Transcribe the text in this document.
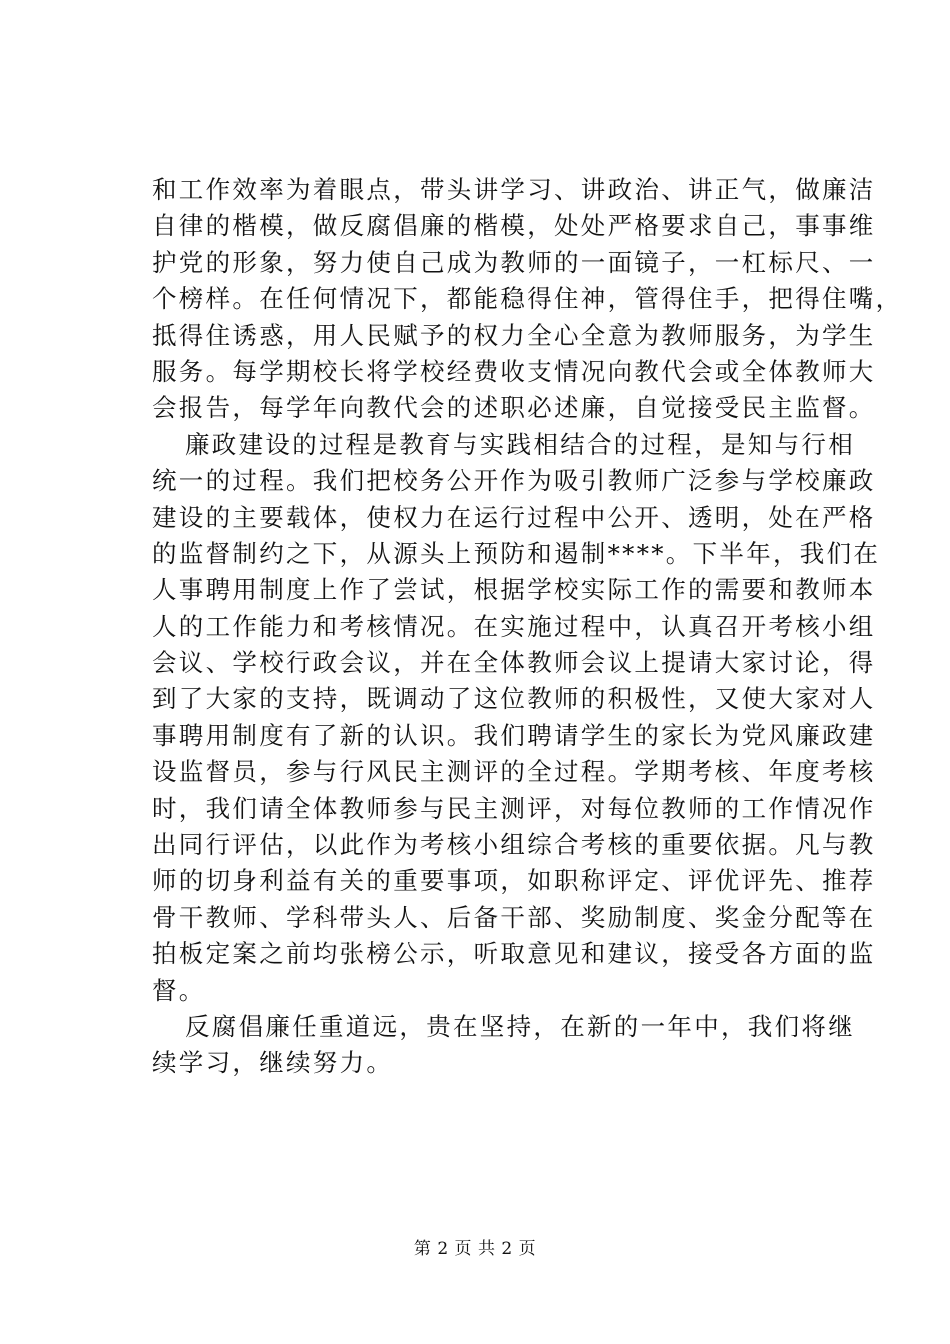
和工作效率为着眼点，带头讲学习、讲政治、讲正气，做廉洁
自律的楷模，做反腐倡廉的楷模，处处严格要求自己，事事维
护党的形象，努力使自己成为教师的一面镜子，一杠标尺、一
个榜样。在任何情况下，都能稳得住神，管得住手，把得住嘴，
抵得住诱惑，用人民赋予的权力全心全意为教师服务，为学生
服务。每学期校长将学校经费收支情况向教代会或全体教师大
会报告，每学年向教代会的述职必述廉，自觉接受民主监督。
廉政建设的过程是教育与实践相结合的过程，是知与行相
统一的过程。我们把校务公开作为吸引教师广泛参与学校廉政
建设的主要载体，使权力在运行过程中公开、透明，处在严格
的监督制约之下，从源头上预防和遏制****。下半年，我们在
人事聘用制度上作了尝试，根据学校实际工作的需要和教师本
人的工作能力和考核情况。在实施过程中，认真召开考核小组
会议、学校行政会议，并在全体教师会议上提请大家讨论，得
到了大家的支持，既调动了这位教师的积极性，又使大家对人
事聘用制度有了新的认识。我们聘请学生的家长为党风廉政建
设监督员，参与行风民主测评的全过程。学期考核、年度考核
时，我们请全体教师参与民主测评，对每位教师的工作情况作
出同行评估，以此作为考核小组综合考核的重要依据。凡与教
师的切身利益有关的重要事项，如职称评定、评优评先、推荐
骨干教师、学科带头人、后备干部、奖励制度、奖金分配等在
拍板定案之前均张榜公示，听取意见和建议，接受各方面的监
督。
反腐倡廉任重道远，贵在坚持，在新的一年中，我们将继
续学习，继续努力。
第 2 页 共 2 页
